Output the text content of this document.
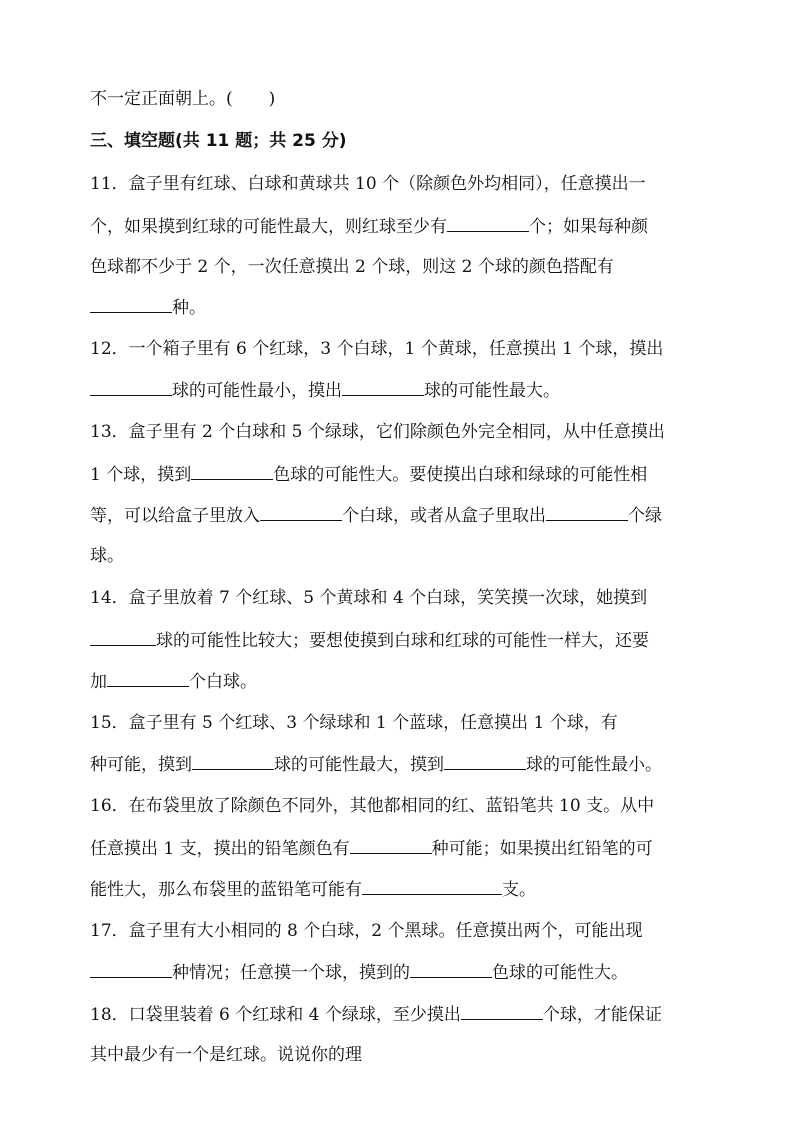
不一定正面朝上。( )
三、填空题(共 11 题；共 25 分)
11．盒子里有红球、白球和黄球共 10 个（除颜色外均相同），任意摸出一
个，如果摸到红球的可能性最大，则红球至少有	个；如果每种颜
色球都不少于 2 个，一次任意摸出 2 个球，则这 2 个球的颜色搭配有
种。
12．一个箱子里有 6 个红球，3 个白球，1 个黄球，任意摸出 1 个球，摸出
球的可能性最小，摸出	球的可能性最大。
13．盒子里有 2 个白球和 5 个绿球，它们除颜色外完全相同，从中任意摸出
1 个球，摸到	色球的可能性大。要使摸出白球和绿球的可能性相
等，可以给盒子里放入	个白球，或者从盒子里取出	个绿
球。
14．盒子里放着 7 个红球、5 个黄球和 4 个白球，笑笑摸一次球，她摸到
球的可能性比较大；要想使摸到白球和红球的可能性一样大，还要
加	个白球。
15．盒子里有 5 个红球、3 个绿球和 1 个蓝球，任意摸出 1 个球，有
种可能，摸到	球的可能性最大，摸到	球的可能性最小。
16．在布袋里放了除颜色不同外，其他都相同的红、蓝铅笔共 10 支。从中
任意摸出 1 支，摸出的铅笔颜色有	种可能；如果摸出红铅笔的可
能性大，那么布袋里的蓝铅笔可能有	支。
17．盒子里有大小相同的 8 个白球，2 个黑球。任意摸出两个，可能出现
种情况；任意摸一个球，摸到的	色球的可能性大。
18．口袋里装着 6 个红球和 4 个绿球，至少摸出	个球，才能保证
其中最少有一个是红球。说说你的理
